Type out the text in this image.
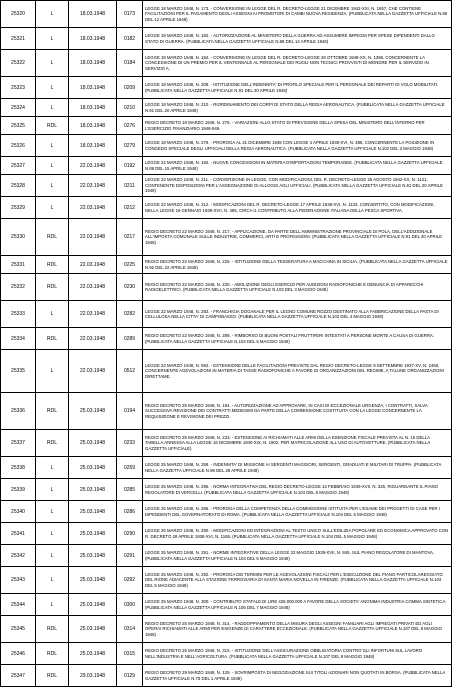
25320	L	18.03.1948	0173	LEGGE 18 MARZO 1948, N. 173. - CONVERSIONE IN LEGGE DEL R. DECRETO-LEGGE 21 DICEMBRE 1942-XXI, N. 1657, CHE CONTIENE FACILITAZIONI PER IL PAGAMENTO DEGLI ASSEGNI AI PROMOTORI DI CAMBI NUOVA RESIDENZA. (PUBBLICATA NELLA GAZZETTA UFFICIALE N.86 DEL 12 APRILE 1948)
25321	L	18.03.1948	0182	LEGGE 18 MARZO 1948, N. 182. - AUTORIZZAZIONE AL MINISTERO DELLA GUERRA AD ASSUMERE IMPEGNI PER SPESE DIPENDENTI DALLO STATO DI GUERRA. (PUBBLICATA NELLA GAZZETTA UFFICIALE N.88 DEL 14 APRILE 1948)
25322	L	18.03.1948	0184	LEGGE 18 MARZO 1948, N. 184. - CONVERSIONE IN LEGGE DEL R. DECRETO-LEGGE 28 OTTOBRE 1948-XX, N. 1396, CONCERNENTE LA CONCESSIONE DI UN PREMIO PER IL VENTENNALE AL PERSONALE DEI RUOLI NON TECNICI PROVVISTI DI MONDRE PER IL SERVIZIO IN SERVIZIO A.
25323	L	18.03.1948	0209	LEGGE 18 MARZO 1948, N. 209. - ISTITUZIONE DELL'INDENNITA' DI PROFILO SPECIALE PER IL PERSONALE DEI REPARTI DI VOLO MOBILITATI. (PUBBLICATA NELLA GAZZETTA UFFICIALE N.91 DEL 20 APRILE 1948)
25324	L	18.03.1948	0210	LEGGE 18 MARZO 1948, N. 210. - RIORDINAMENTO DEI CORPI DI STATO DELLA REGIA AERONAUTICA. (PUBBLICATA NELLA GAZZETTA UFFICIALE N.91 DEL 20 APRILE 1948)
25325	RDL	18.03.1948	0276	REGIO DECRETO 18 MARZO 1948, N. 276. - VARIAZIONI ALLO STATO DI PREVISIONE DELLA SPESA DEL MINISTERO DELL'INTERNO PER L'ESERCIZIO FINANZIARIO 1948-949.
25326	L	18.03.1948	0279	LEGGE 18 MARZO 1948, N. 279. - PROROGA AL 31 DICEMBRE 1948 CON LEGGE 4 APRILE 1938-XVI, N. 488, CONCERNENTE LA POSIZIONE IN CONGEDO SPECIALE DEGLI UFFICIALI DELLA REGIA AERONAUTICA. (PUBBLICATA NELLA GAZZETTA UFFICIALE N.102 DEL 3 MAGGIO 1948)
25327	L	22.03.1948	0192	LEGGE 22 MARZO 1948, N. 192. - NUOVE CONCESSIONI IN MATERIA D'IMPORTAZIONI TEMPORANEE. (PUBBLICATA NELLA GAZZETTA UFFICIALE N.89 DEL 15 APRILE 1948)
25328	L	22.03.1948	0211	LEGGE 22 MARZO 1948, N. 211. - CONVERSIONE IN LEGGE, CON MODIFICAZIONI, DEL R. DECRETO-LEGGE 25 AGOSTO 1942-XX, N. 1121, CONTENENTE DISPOSIZIONI PER L'ASSEGNAZIONE DI ALLOGGI AGLI UFFICIALI. (PUBBLICATA NELLA GAZZETTA UFFICIALE N.91 DEL 20 APRILE 1948)
25329	L	22.03.1948	0212	LEGGE 22 MARZO 1948, N. 212. - MODIFICAZIONI DEL R. DECRETO-LEGGE 17 APRILE 1938-XVI, N. 1133, CONVERTITO, CON MODIFICAZIONI, NELLA LEGGE 19 GENNAIO 1939-XVII, N. 485, CIRCA IL CONTRIBUTO ALLA FEDERAZIONE ITALIANA DELLA PESCA SPORTIVA.
25330	RDL	22.03.1948	0217	REGIO DECRETO 22 MARZO 1948, N. 217. - APPLICAZIONE, DA PARTE DELL'AMMINISTRAZIONE PROVINCIALE DI POLA, DELL'ADDIZIONALE ALL'IMPOSTA COMUNALE SULLE INDUSTRIE, COMMERCI, ARTI E PROFESSIONI. (PUBBLICATA NELLA GAZZETTA UFFICIALE N.91 DEL 20 APRILE 1948)
25331	RDL	22.03.1948	0225	REGIO DECRETO 22 MARZO 1948, N. 225. - ISTITUZIONE DELLA TESSERATURA A MACCHINA IN SICILIA. (PUBBLICATA NELLA GAZZETTA UFFICIALE N.92 DEL 22 APRILE 1948)
25332	RDL	22.03.1948	0230	REGIO DECRETO 22 MARZO 1948, N. 230. - ABOLIZIONE DEGLI ESERCIZI PER AUDIZIONI RADIOFONICHE E DENUNCIA DI APPARECCHI RADIOELETTRICI. (PUBBLICATA NELLA GAZZETTA UFFICIALE N.102 DEL 3 MAGGIO 1948)
25333	L	22.03.1948	0282	LEGGE 22 MARZO 1948, N. 282. - FRANCHIGIA DOGANALE PER IL LEGNO COMUNE ROZZO DESTINATO ALLA FABBRICAZIONE DELLA PASTA DI CELLULOSA NELLA CITTA' DI CAMPOBASSO. (PUBBLICATA NELLA GAZZETTA UFFICIALE N.103 DEL 4 MAGGIO 1948)
25334	RDL	22.03.1948	0289	REGIO DECRETO 22 MARZO 1948, N. 289. - RIMBORSO DI BUONI POSTALI FRUTTIFERI INTESTATI A PERSONE MORTE A CAUSA DI GUERRA. (PUBBLICATA NELLA GAZZETTA UFFICIALE N.104 DEL 5 MAGGIO 1948)
25335	L	22.03.1948	0512	LEGGE 22 MARZO 1948, N. 592. - ESTENSIONE DELLE FACILITAZIONI PREVISTE DAL REGIO DECRETO-LEGGE 9 SETTEMBRE 1937-XV, N. 2468, CONCERNENTE AGEVOLAZIONI IN MATERIA DI TASSE RADIOFONICHE A FAVORE DI ORGANIZZAZIONI DEL REGIME, A TALUNE ORGANIZZAZIONI DIRETTAME.
25336	RDL	25.03.1948	0194	REGIO DECRETO 25 MARZO 1948, N. 194. - AUTORIZZAZIONE AD APPROVARE, IN CASI DI ECCEZIONALE URGENZA, I CONTRATTI, SALVA SUCCESSIVA REVISIONE DEI CONTRATTI MEDESIMI DA PARTE DELLA COMMISSIONE COSTITUITA CON LA LEGGE CONCERNENTE LA REQUISIZIONE E REVISIONE DEI PREZZI.
25337	RDL	25.03.1948	0233	REGIO DECRETO 25 MARZO 1948, N. 233. - ESTENSIONE AI RICHIAMATI ALLE ARMI DELLA ESENZIONE FISCALE PREVISTA AL N. 15 DELLA TABELLA ANNESSA ALLA LEGGE 16 DICEMBRE 1940-XIX, N. 1902, PER MATRICOLAZIONE ALL'USO DI AUTOVETTURE. (PUBBLICATA NELLA GAZZETTA UFFICIALE)
25338	L	25.03.1948	0259	LEGGE 25 MARZO 1948, N. 259. - INDENNITA' DI MISSIONE AI SERGENTI MAGGIORI, SERGENTI, GRADUATI E MILITARI DI TRUPPA. (PUBBLICATA NELLA GAZZETTA UFFICIALE N.98 DEL 28 APRILE 1948)
25339	L	25.03.1948	0285	LEGGE 25 MARZO 1948, N. 285. - NORMA INTEGRATIVA DEL REGIO DECRETO-LEGGE 13 FEBBRAIO 1939-XVII, N. 325, RIGUARDANTE IL PIANO REGOLATORE DI VERCELLI. (PUBBLICATA NELLA GAZZETTA UFFICIALE N.104 DEL 5 MAGGIO 1948)
25340	L	25.03.1948	0286	LEGGE 25 MARZO 1948, N. 286. - PROROGA DELLA COMPETENZA DELLA COMMISSIONE ISTITUITA PER L'ESAME DEI PROGETTI DI CASE PER I DIPENDENTI DEL GOVERNATORATO DI ROMA. (PUBBLICATA NELLA GAZZETTA UFFICIALE N.104 DEL 5 MAGGIO 1948)
25341	L	25.03.1948	0290	LEGGE 25 MARZO 1948, N. 290. - MODIFICAZIONI ED INTEGRAZIONI AL TESTO UNICO SULL'EDILIZIA POPOLARE ED ECONOMICA APPROVATO CON R. DECRETO 28 APRILE 1938-XVI, N. 1165. (PUBBLICATA NELLA GAZZETTA UFFICIALE N.104 DEL 5 MAGGIO 1948)
25342	L	25.03.1948	0291	LEGGE 25 MARZO 1948, N. 291. - NORME INTEGRATIVE DELLA LEGGE 22 MAGGIO 1939-XVII, N. 845, SUL PIANO REGOLATORE DI MANTOVA. (PUBBLICATA NELLA GAZZETTA UFFICIALE N.104 DEL 5 MAGGIO 1948)
25343	L	25.03.1948	0292	LEGGE 25 MARZO 1948, N. 292. - PROROGA DEI TERMINI PER LE AGEVOLAZIONI FISCALI PER L'ESECUZIONE DEL PIANO PARTICOLAREGGIATO DEL RIONE ADIACENTE ALLA STAZIONE FERROVIARIA DI SANTA MARIA NOVELLA IN FIRENZE. (PUBBLICATA NELLA GAZZETTA UFFICIALE N.104 DEL 5 MAGGIO 1948)
25344	L	25.03.1948	0300	LEGGE 25 MARZO 1948, N. 300. - CONTRIBUTO STATALE DI LIRE 425.000.000 A FAVORE DELLA SOCIETA' ANONIMA INDUSTRIA COMMA SINTETICA. (PUBBLICATA NELLA GAZZETTA UFFICIALE N.106 DEL 7 MAGGIO 1948)
25345	RDL	25.03.1948	0314	REGIO DECRETO 25 MARZO 1948, N. 314. - RADDOPPIAMENTO DELLA MISURA DEGLI ASSEGNI FAMILIARI AGLI IMPIEGATI PRIVATI ED AGLI OPERAI RICHIAMATI ALLE ARMI PER ESIGENZE DI CARATTERE ECCEZIONALE. (PUBBLICATA NELLA GAZZETTA UFFICIALE N.107 DEL 8 MAGGIO 1948)
25346	RDL	25.03.1948	0315	REGIO DECRETO 25 MARZO 1948, N. 315. - ISTITUZIONE DELL'ASSICURAZIONE OBBLIGATORIA CONTRO GLI INFORTUNI SUL LAVORO NELL'INDUSTRIA E NELL'AGRICOLTURA. (PUBBLICATA NELLA GAZZETTA UFFICIALE N.107 DEL 8 MAGGIO 1948)
25347	RDL	29.03.1948	0129	REGIO DECRETO 29 MARZO 1948, N. 129. - SOVRIMPOSTA DI NEGOZIAZIONE SUI TITOLI AZIONARI NON QUOTATI IN BORSA. (PUBBLICATA NELLA GAZZETTA UFFICIALE N.75 DEL 1 APRILE 1948)
